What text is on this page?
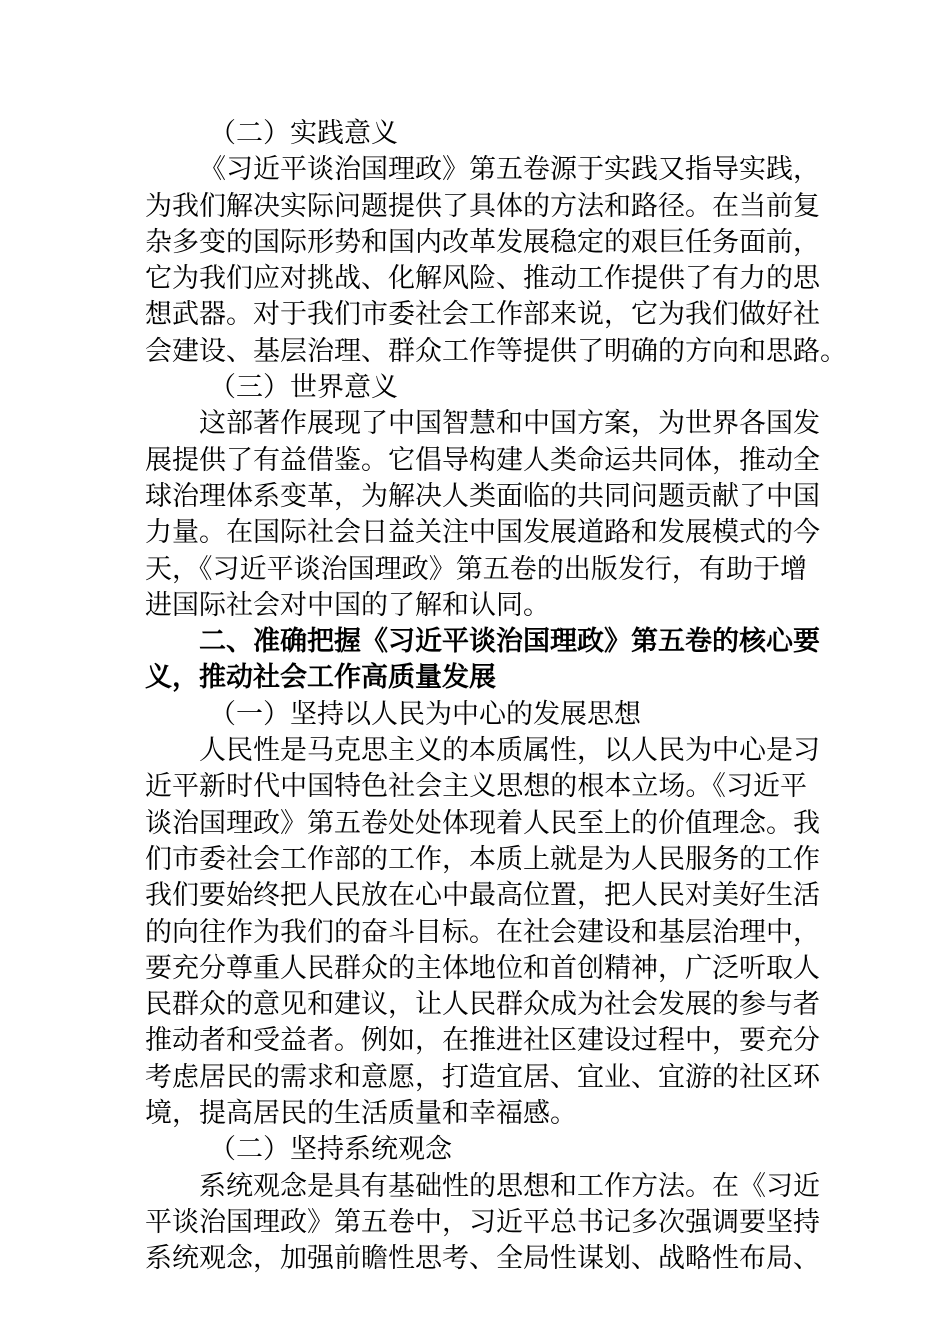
（二）实践意义
《习近平谈治国理政》第五卷源于实践又指导实践，
为我们解决实际问题提供了具体的方法和路径。在当前复
杂多变的国际形势和国内改革发展稳定的艰巨任务面前，
它为我们应对挑战、化解风险、推动工作提供了有力的思
想武器。对于我们市委社会工作部来说，它为我们做好社
会建设、基层治理、群众工作等提供了明确的方向和思路。
（三）世界意义
这部著作展现了中国智慧和中国方案，为世界各国发
展提供了有益借鉴。它倡导构建人类命运共同体，推动全
球治理体系变革，为解决人类面临的共同问题贡献了中国
力量。在国际社会日益关注中国发展道路和发展模式的今
天，《习近平谈治国理政》第五卷的出版发行，有助于增
进国际社会对中国的了解和认同。
二、准确把握《习近平谈治国理政》第五卷的核心要
义，推动社会工作高质量发展
（一）坚持以人民为中心的发展思想
人民性是马克思主义的本质属性，以人民为中心是习
近平新时代中国特色社会主义思想的根本立场。《习近平
谈治国理政》第五卷处处体现着人民至上的价值理念。我
们市委社会工作部的工作，本质上就是为人民服务的工作
我们要始终把人民放在心中最高位置，把人民对美好生活
的向往作为我们的奋斗目标。在社会建设和基层治理中，
要充分尊重人民群众的主体地位和首创精神，广泛听取人
民群众的意见和建议，让人民群众成为社会发展的参与者
推动者和受益者。例如，在推进社区建设过程中，要充分
考虑居民的需求和意愿，打造宜居、宜业、宜游的社区环
境，提高居民的生活质量和幸福感。
（二）坚持系统观念
系统观念是具有基础性的思想和工作方法。在《习近
平谈治国理政》第五卷中，习近平总书记多次强调要坚持
系统观念，加强前瞻性思考、全局性谋划、战略性布局、
